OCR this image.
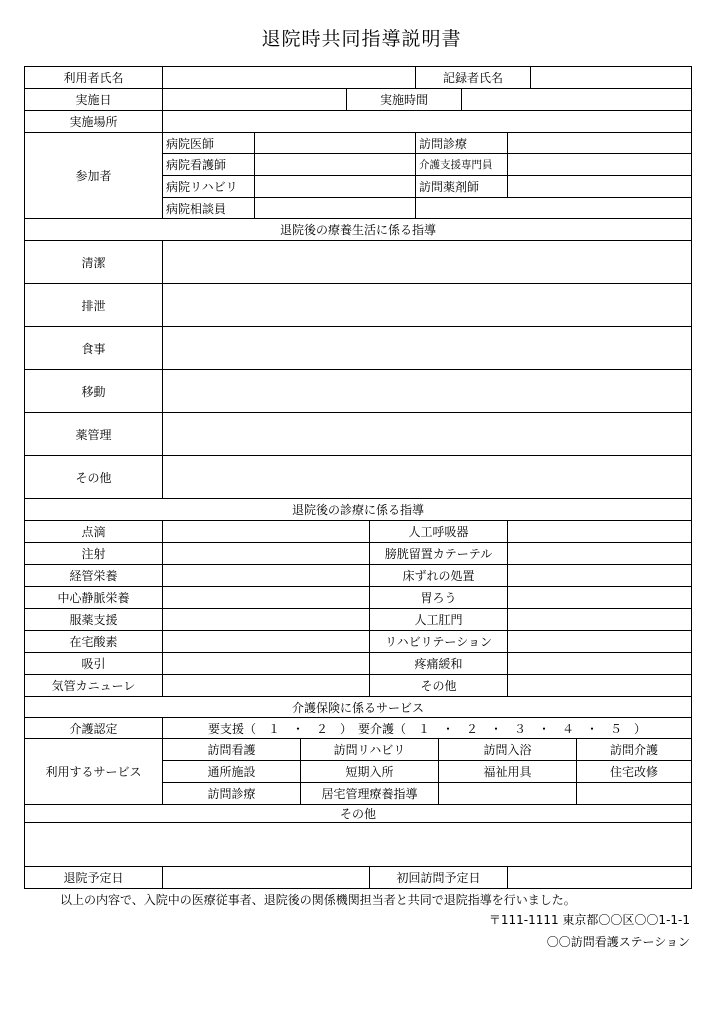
退院時共同指導説明書
利用者氏名	記録者氏名
実施日	実施時間
実施場所
参加者
病院医師	訪問診療
病院看護師	介護支援専門員
病院リハビリ	訪問薬剤師
病院相談員
退院後の療養生活に係る指導
清潔
排泄
食事
移動
薬管理
その他
退院後の診療に係る指導
点滴	人工呼吸器
注射	膀胱留置カテーテル
経管栄養	床ずれの処置
中心静脈栄養	胃ろう
服薬支援	人工肛門
在宅酸素	リハビリテーション
吸引	疼痛緩和
気管カニューレ	その他
介護保険に係るサービス
介護認定	要支援（　１　・　２　）　要介護（　１　・　２　・　３　・　４　・　５　）
利用するサービス
訪問看護	訪問リハビリ	訪問入浴	訪問介護
通所施設	短期入所	福祉用具	住宅改修
訪問診療	居宅管理療養指導
その他
退院予定日	初回訪問予定日
以上の内容で、入院中の医療従事者、退院後の関係機関担当者と共同で退院指導を行いました。
〒111-1111 東京都〇〇区〇〇1-1-1
〇〇訪問看護ステーション
